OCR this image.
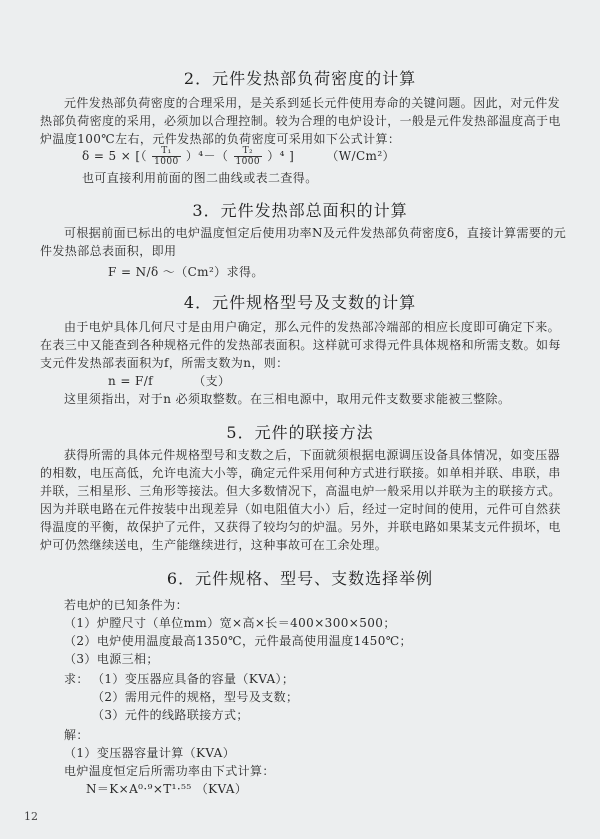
2．元件发热部负荷密度的计算

元件发热部负荷密度的合理采用，是关系到延长元件使用寿命的关键问题。因此，对元件发热部负荷密度的采用，必须加以合理控制。较为合理的电炉设计，一般是元件发热部温度高于电炉温度100℃左右，元件发热部的负荷密度可采用如下公式计算：

δ = 5 × [（ $\frac{\text{T₁}}{1000} )^4-( \frac{\text{T₂}}{1000} )^4$ ]	（W/Cm²）
也可直接利用前面的图二曲线或表二查得。
3．元件发热部总面积的计算

可根据前面已标出的电炉温度恒定后使用功率N及元件发热部负荷密度δ，直接计算需要的元件发热部总表面积，即用

F = N/δ ～（Cm²）求得。
4．元件规格型号及支数的计算

由于电炉具体几何尺寸是由用户确定，那么元件的发热部冷端部的相应长度即可确定下来。在表三中又能查到各种规格元件的发热部表面积。这样就可求得元件具体规格和所需支数。如每支元件发热部表面积为f，所需支数为n，则：

n = F/f	（支）

这里须指出，对于n 必须取整数。在三相电源中，取用元件支数要求能被三整除。

5．元件的联接方法

获得所需的具体元件规格型号和支数之后，下面就须根据电源调压设备具体情况，如变压器的相数，电压高低，允许电流大小等，确定元件采用何种方式进行联接。如单相并联、串联，串并联，三相星形、三角形等接法。但大多数情况下，高温电炉一般采用以并联为主的联接方式。因为并联电路在元件按装中出现差异（如电阻值大小）后，经过一定时间的使用，元件可自然获得温度的平衡，故保护了元件，又获得了较均匀的炉温。另外，并联电路如果某支元件损坏，电炉可仍然继续送电，生产能继续进行，这种事故可在工余处理。

6．元件规格、型号、支数选择举例
若电炉的已知条件为：
（1）炉膛尺寸（单位mm）宽×高×长＝400×300×500；
（2）电炉使用温度最高1350℃，元件最高使用温度1450℃；
（3）电源三相；
求： （1）变压器应具备的容量（KVA）；
（2）需用元件的规格，型号及支数；
（3）元件的线路联接方式；
解：
（1）变压器容量计算（KVA）
电炉温度恒定后所需功率由下式计算：
N＝K×A⁰·⁹×T¹·⁵⁵ （KVA）
12
